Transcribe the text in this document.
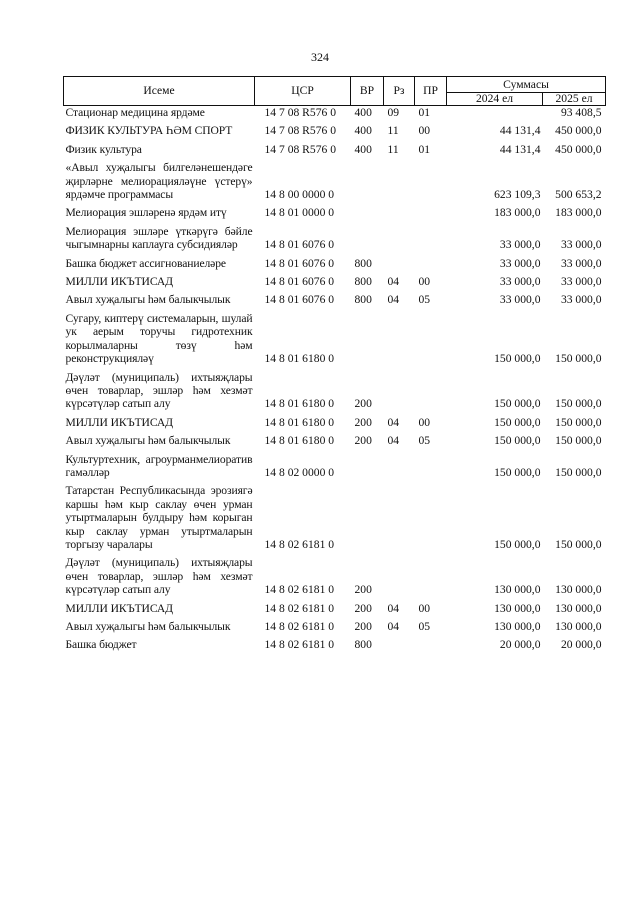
324
Исеме	ЦСР	ВР	Рз	ПР	Суммасы	
					2024 ел	2025 ел
Стационар медицина ярдәме	14 7 08 R576 0	400	09	01		93 408,5
ФИЗИК КУЛЬТУРА ҺӘМ СПОРТ	14 7 08 R576 0	400	11	00	44 131,4	450 000,0
Физик культура	14 7 08 R576 0	400	11	01	44 131,4	450 000,0
«Авыл хуҗалыгы билгеләнешендәге җирләрне мелиорацияләүне үстерү» ярдәмче программасы	14 8 00 0000 0				623 109,3	500 653,2
Мелиорация эшләренә ярдәм итү	14 8 01 0000 0				183 000,0	183 000,0
Мелиорация эшләре үткәрүгә бәйле чыгымнарны каплауга субсидияләр	14 8 01 6076 0				33 000,0	33 000,0
Башка бюджет ассигнованиеләре	14 8 01 6076 0	800			33 000,0	33 000,0
МИЛЛИ ИКЪТИСАД	14 8 01 6076 0	800	04	00	33 000,0	33 000,0
Авыл хуҗалыгы һәм балыкчылык	14 8 01 6076 0	800	04	05	33 000,0	33 000,0
Сугару, киптерү системаларын, шулай ук аерым торучы гидротехник корылмаларны төзү һәм реконструкцияләү	14 8 01 6180 0				150 000,0	150 000,0
Дәүләт (муниципаль) ихтыяҗлары өчен товарлар, эшләр һәм хезмәт күрсәтүләр сатып алу	14 8 01 6180 0	200			150 000,0	150 000,0
МИЛЛИ ИКЪТИСАД	14 8 01 6180 0	200	04	00	150 000,0	150 000,0
Авыл хуҗалыгы һәм балыкчылык	14 8 01 6180 0	200	04	05	150 000,0	150 000,0
Культуртехник, агроурманмелиоратив гамәлләр	14 8 02 0000 0				150 000,0	150 000,0
Татарстан Республикасында эрозиягә каршы һәм кыр саклау өчен урман утыртмаларын булдыру һәм корыган кыр саклау урман утыртмаларын торгызу чаралары	14 8 02 6181 0				150 000,0	150 000,0
Дәүләт (муниципаль) ихтыяҗлары өчен товарлар, эшләр һәм хезмәт күрсәтүләр сатып алу	14 8 02 6181 0	200			130 000,0	130 000,0
МИЛЛИ ИКЪТИСАД	14 8 02 6181 0	200	04	00	130 000,0	130 000,0
Авыл хуҗалыгы һәм балыкчылык	14 8 02 6181 0	200	04	05	130 000,0	130 000,0
Башка бюджет	14 8 02 6181 0	800			20 000,0	20 000,0
